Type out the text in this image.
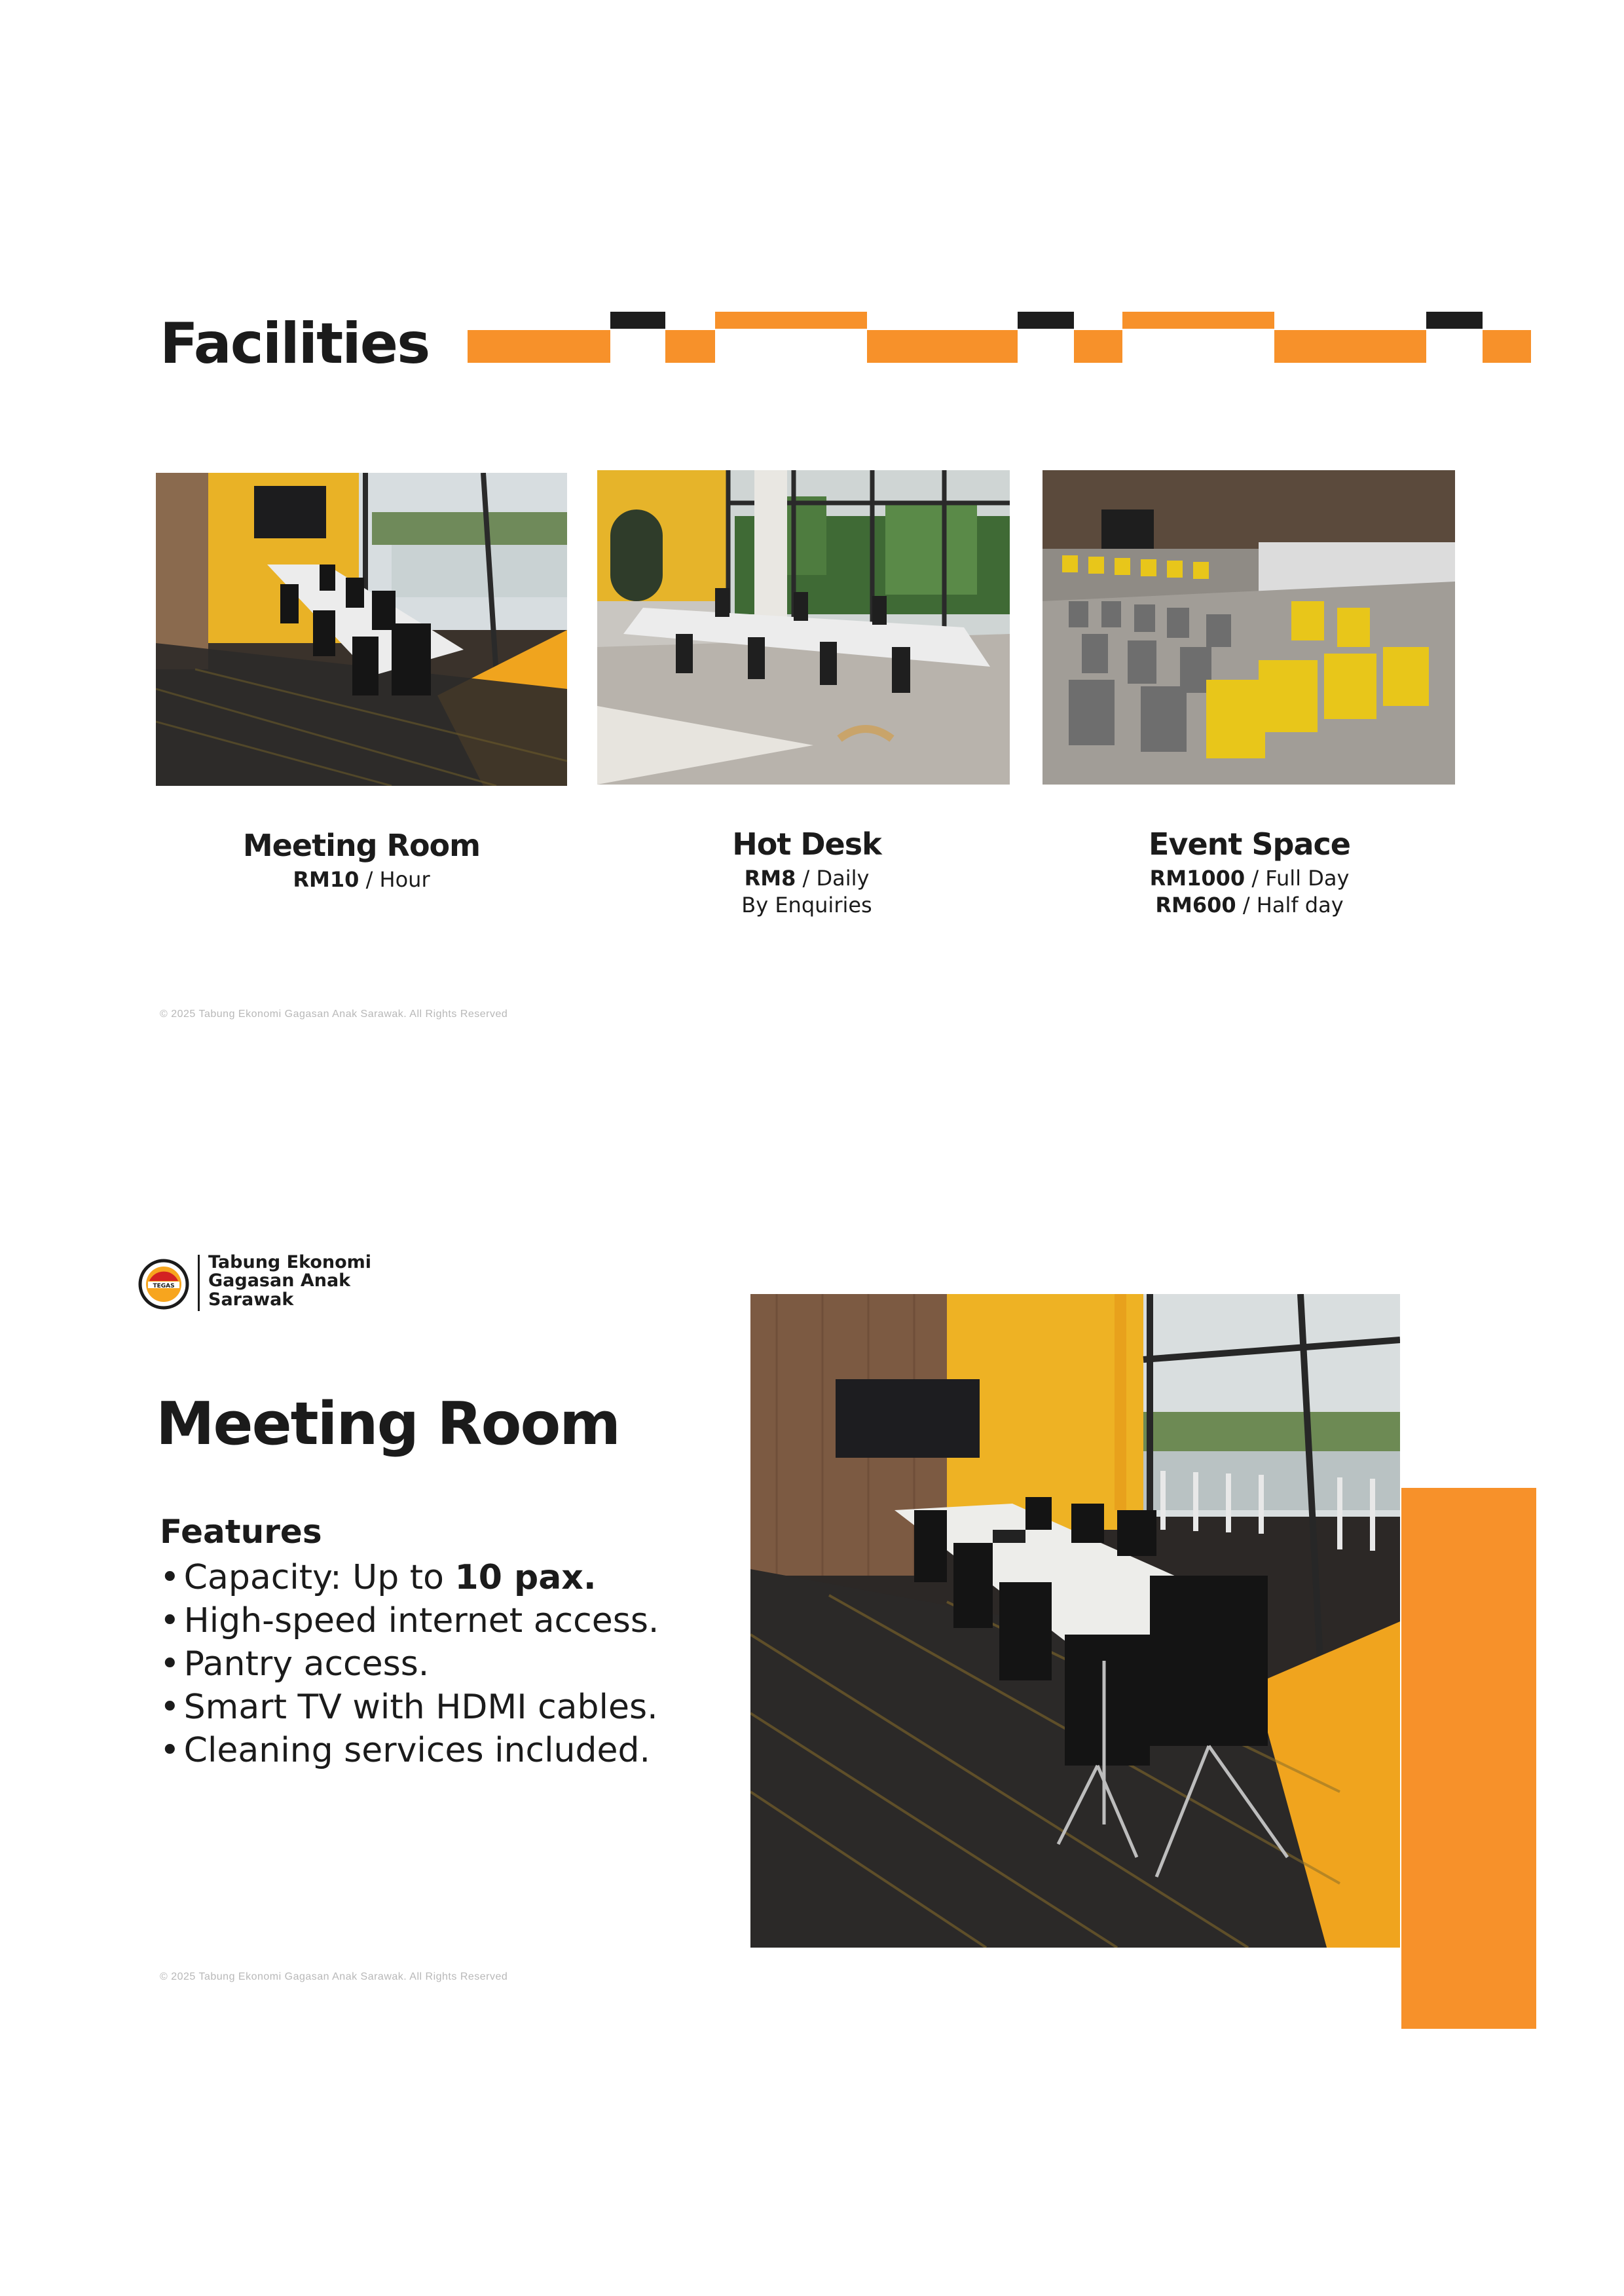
Facilities
Meeting Room
RM10 / Hour
Hot Desk
RM8 / Daily
By Enquiries
Event Space
RM1000 / Full Day
RM600 / Half day
© 2025 Tabung Ekonomi Gagasan Anak Sarawak. All Rights Reserved
TEGAS
Tabung Ekonomi
Gagasan Anak
Sarawak
Meeting Room
Features
• Capacity: Up to 10 pax.
• High-speed internet access.
• Pantry access.
• Smart TV with HDMI cables.
• Cleaning services included.
© 2025 Tabung Ekonomi Gagasan Anak Sarawak. All Rights Reserved
